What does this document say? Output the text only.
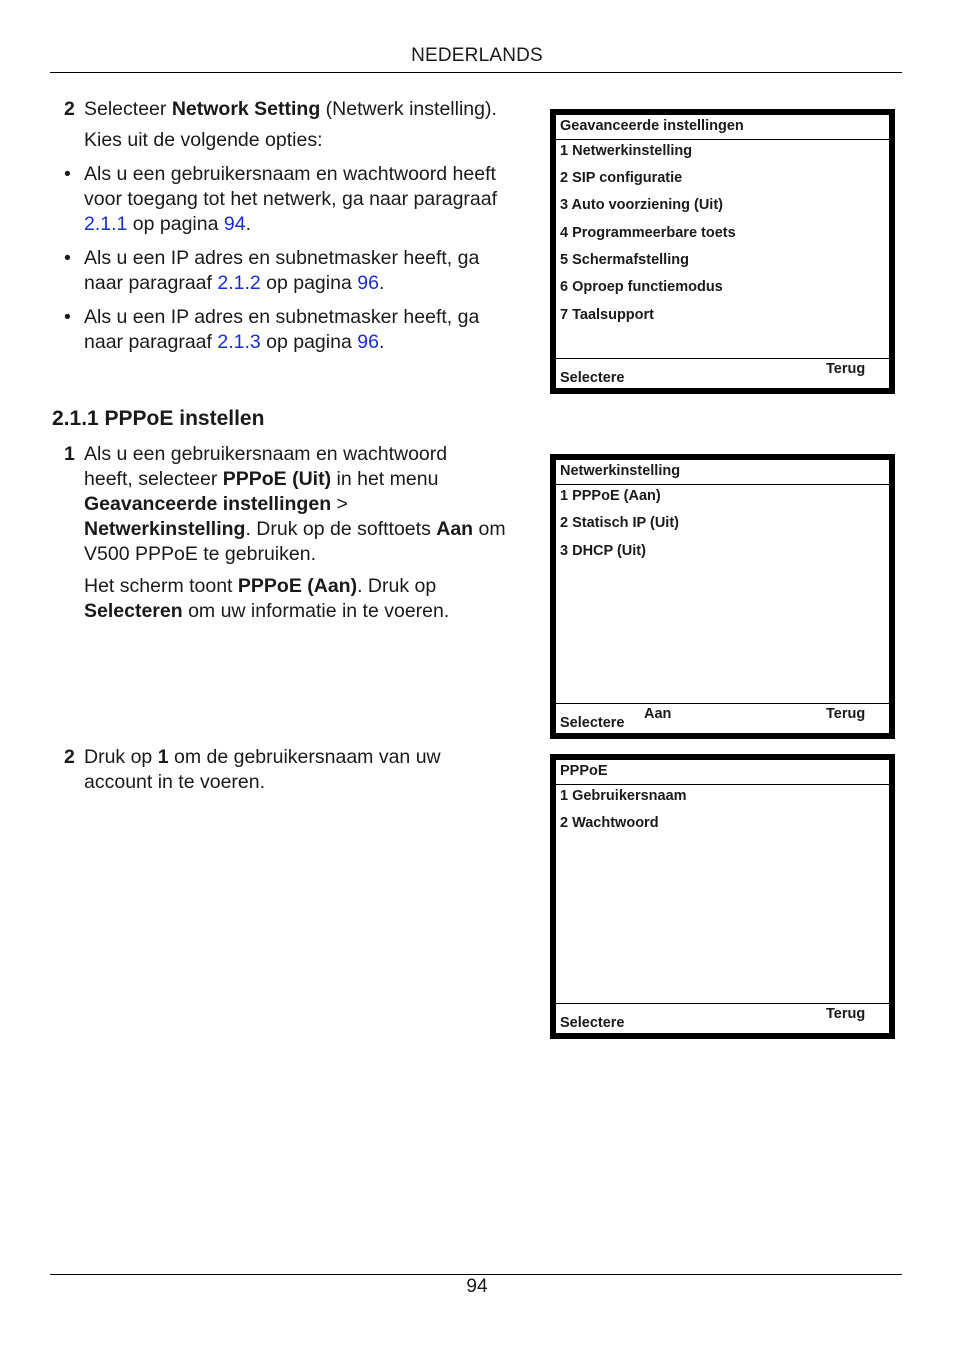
NEDERLANDS
2 Selecteer Network Setting (Netwerk instelling).
Kies uit de volgende opties:
• Als u een gebruikersnaam en wachtwoord heeft
voor toegang tot het netwerk, ga naar paragraaf
2.1.1 op pagina 94.
• Als u een IP adres en subnetmasker heeft, ga
naar paragraaf 2.1.2 op pagina 96.
• Als u een IP adres en subnetmasker heeft, ga
naar paragraaf 2.1.3 op pagina 96.
2.1.1 PPPoE instellen
1 Als u een gebruikersnaam en wachtwoord
heeft, selecteer PPPoE (Uit) in het menu
Geavanceerde instellingen >
Netwerkinstelling. Druk op de softtoets Aan om
V500 PPPoE te gebruiken.
Het scherm toont PPPoE (Aan). Druk op
Selecteren om uw informatie in te voeren.
2 Druk op 1 om de gebruikersnaam van uw
account in te voeren.
Geavanceerde instellingen
1 Netwerkinstelling
2 SIP configuratie
3 Auto voorziening (Uit)
4 Programmeerbare toets
5 Schermafstelling
6 Oproep functiemodus
7 Taalsupport
Selectere
Terug
Netwerkinstelling
1 PPPoE (Aan)
2 Statisch IP (Uit)
3 DHCP (Uit)
Selectere
Aan	Terug
PPPoE
1 Gebruikersnaam
2 Wachtwoord
Selectere
Terug
94
